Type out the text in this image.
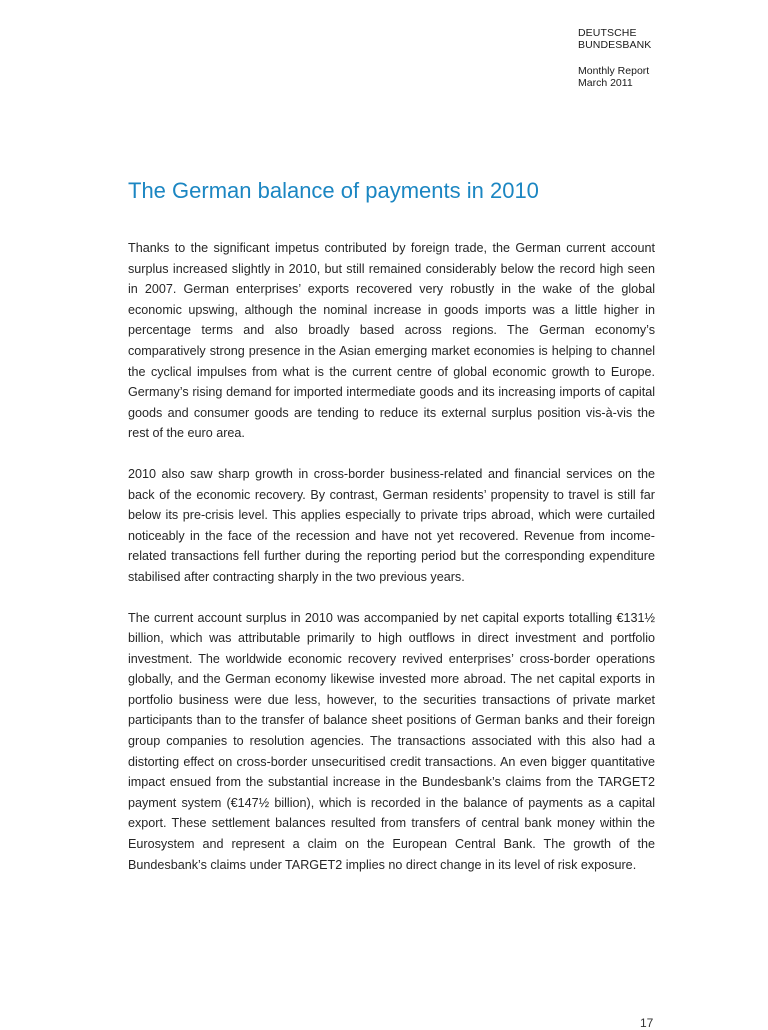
DEUTSCHE
BUNDESBANK
Monthly Report
March 2011
The German balance of payments in 2010

Thanks to the significant impetus contributed by foreign trade, the German current account surplus increased slightly in 2010, but still remained considerably below the record high seen in 2007. German enterprises’ exports recovered very robustly in the wake of the global economic upswing, although the nominal increase in goods imports was a little higher in percentage terms and also broadly based across regions. The German economy’s comparatively strong presence in the Asian emerging market economies is helping to channel the cyclical impulses from what is the current centre of global economic growth to Europe. Germany’s rising demand for imported intermediate goods and its increasing imports of capital goods and consumer goods are tending to reduce its external surplus position vis-à-vis the rest of the euro area.

2010 also saw sharp growth in cross-border business-related and financial services on the back of the economic recovery. By contrast, German residents’ propensity to travel is still far below its pre-crisis level. This applies especially to private trips abroad, which were curtailed noticeably in the face of the recession and have not yet recovered. Revenue from income-related transactions fell further during the reporting period but the corresponding expenditure stabilised after contracting sharply in the two previous years.

The current account surplus in 2010 was accompanied by net capital exports totalling €131½ billion, which was attributable primarily to high outflows in direct investment and portfolio investment. The worldwide economic recovery revived enterprises’ cross-border operations globally, and the German economy likewise invested more abroad. The net capital exports in portfolio business were due less, however, to the securities transactions of private market participants than to the transfer of balance sheet positions of German banks and their foreign group companies to resolution agencies. The transactions associated with this also had a distorting effect on cross-border unsecuritised credit transactions. An even bigger quantitative impact ensued from the substantial increase in the Bundesbank’s claims from the TARGET2 payment system (€147½ billion), which is recorded in the balance of payments as a capital export. These settlement balances resulted from transfers of central bank money within the Eurosystem and represent a claim on the European Central Bank. The growth of the Bundesbank’s claims under TARGET2 implies no direct change in its level of risk exposure.

17
